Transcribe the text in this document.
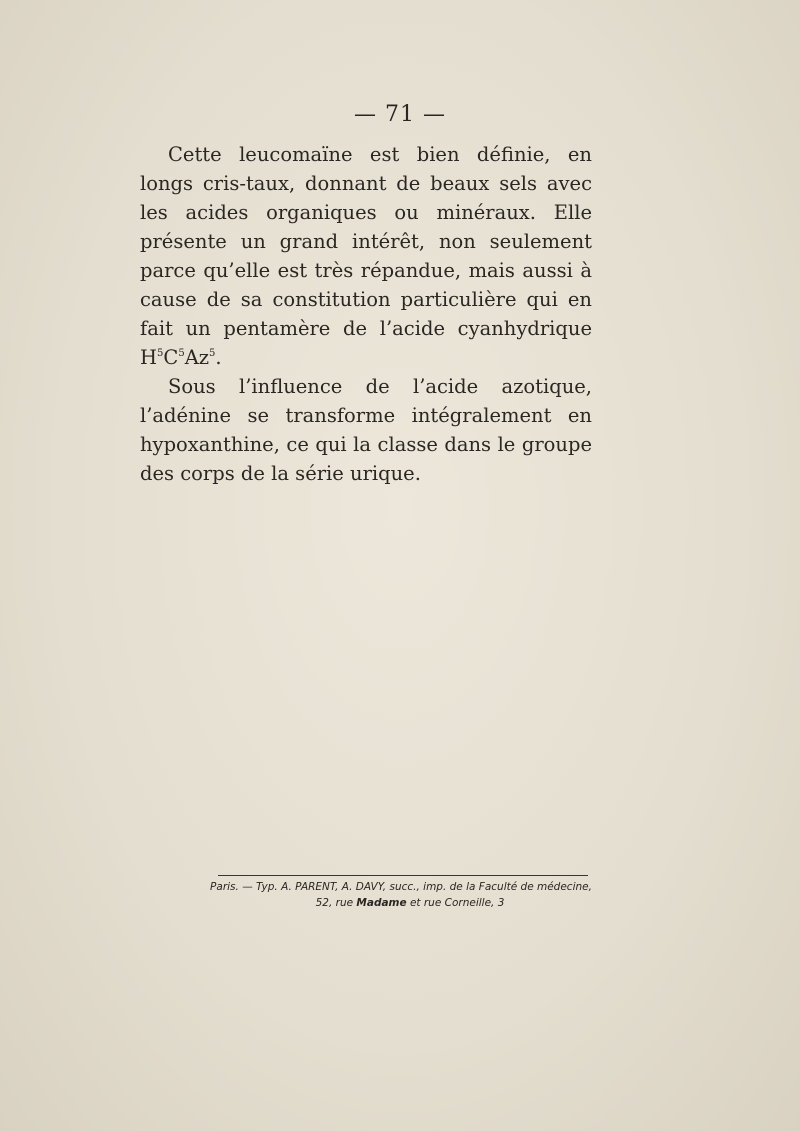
— 71 —

Cette leucomaïne est bien définie, en longs cris-taux, donnant de beaux sels avec les acides organiques ou minéraux. Elle présente un grand intérêt, non seulement parce qu’elle est très répandue, mais aussi à cause de sa constitution particulière qui en fait un pentamère de l’acide cyanhydrique $H^5C^5Az^5$.

Sous l’influence de l’acide azotique, l’adénine se transforme intégralement en hypoxanthine, ce qui la classe dans le groupe des corps de la série urique.

Paris. — Typ. A. PARENT, A. DAVY, succ., imp. de la Faculté de médecine,
52, rue Madame et rue Corneille, 3
